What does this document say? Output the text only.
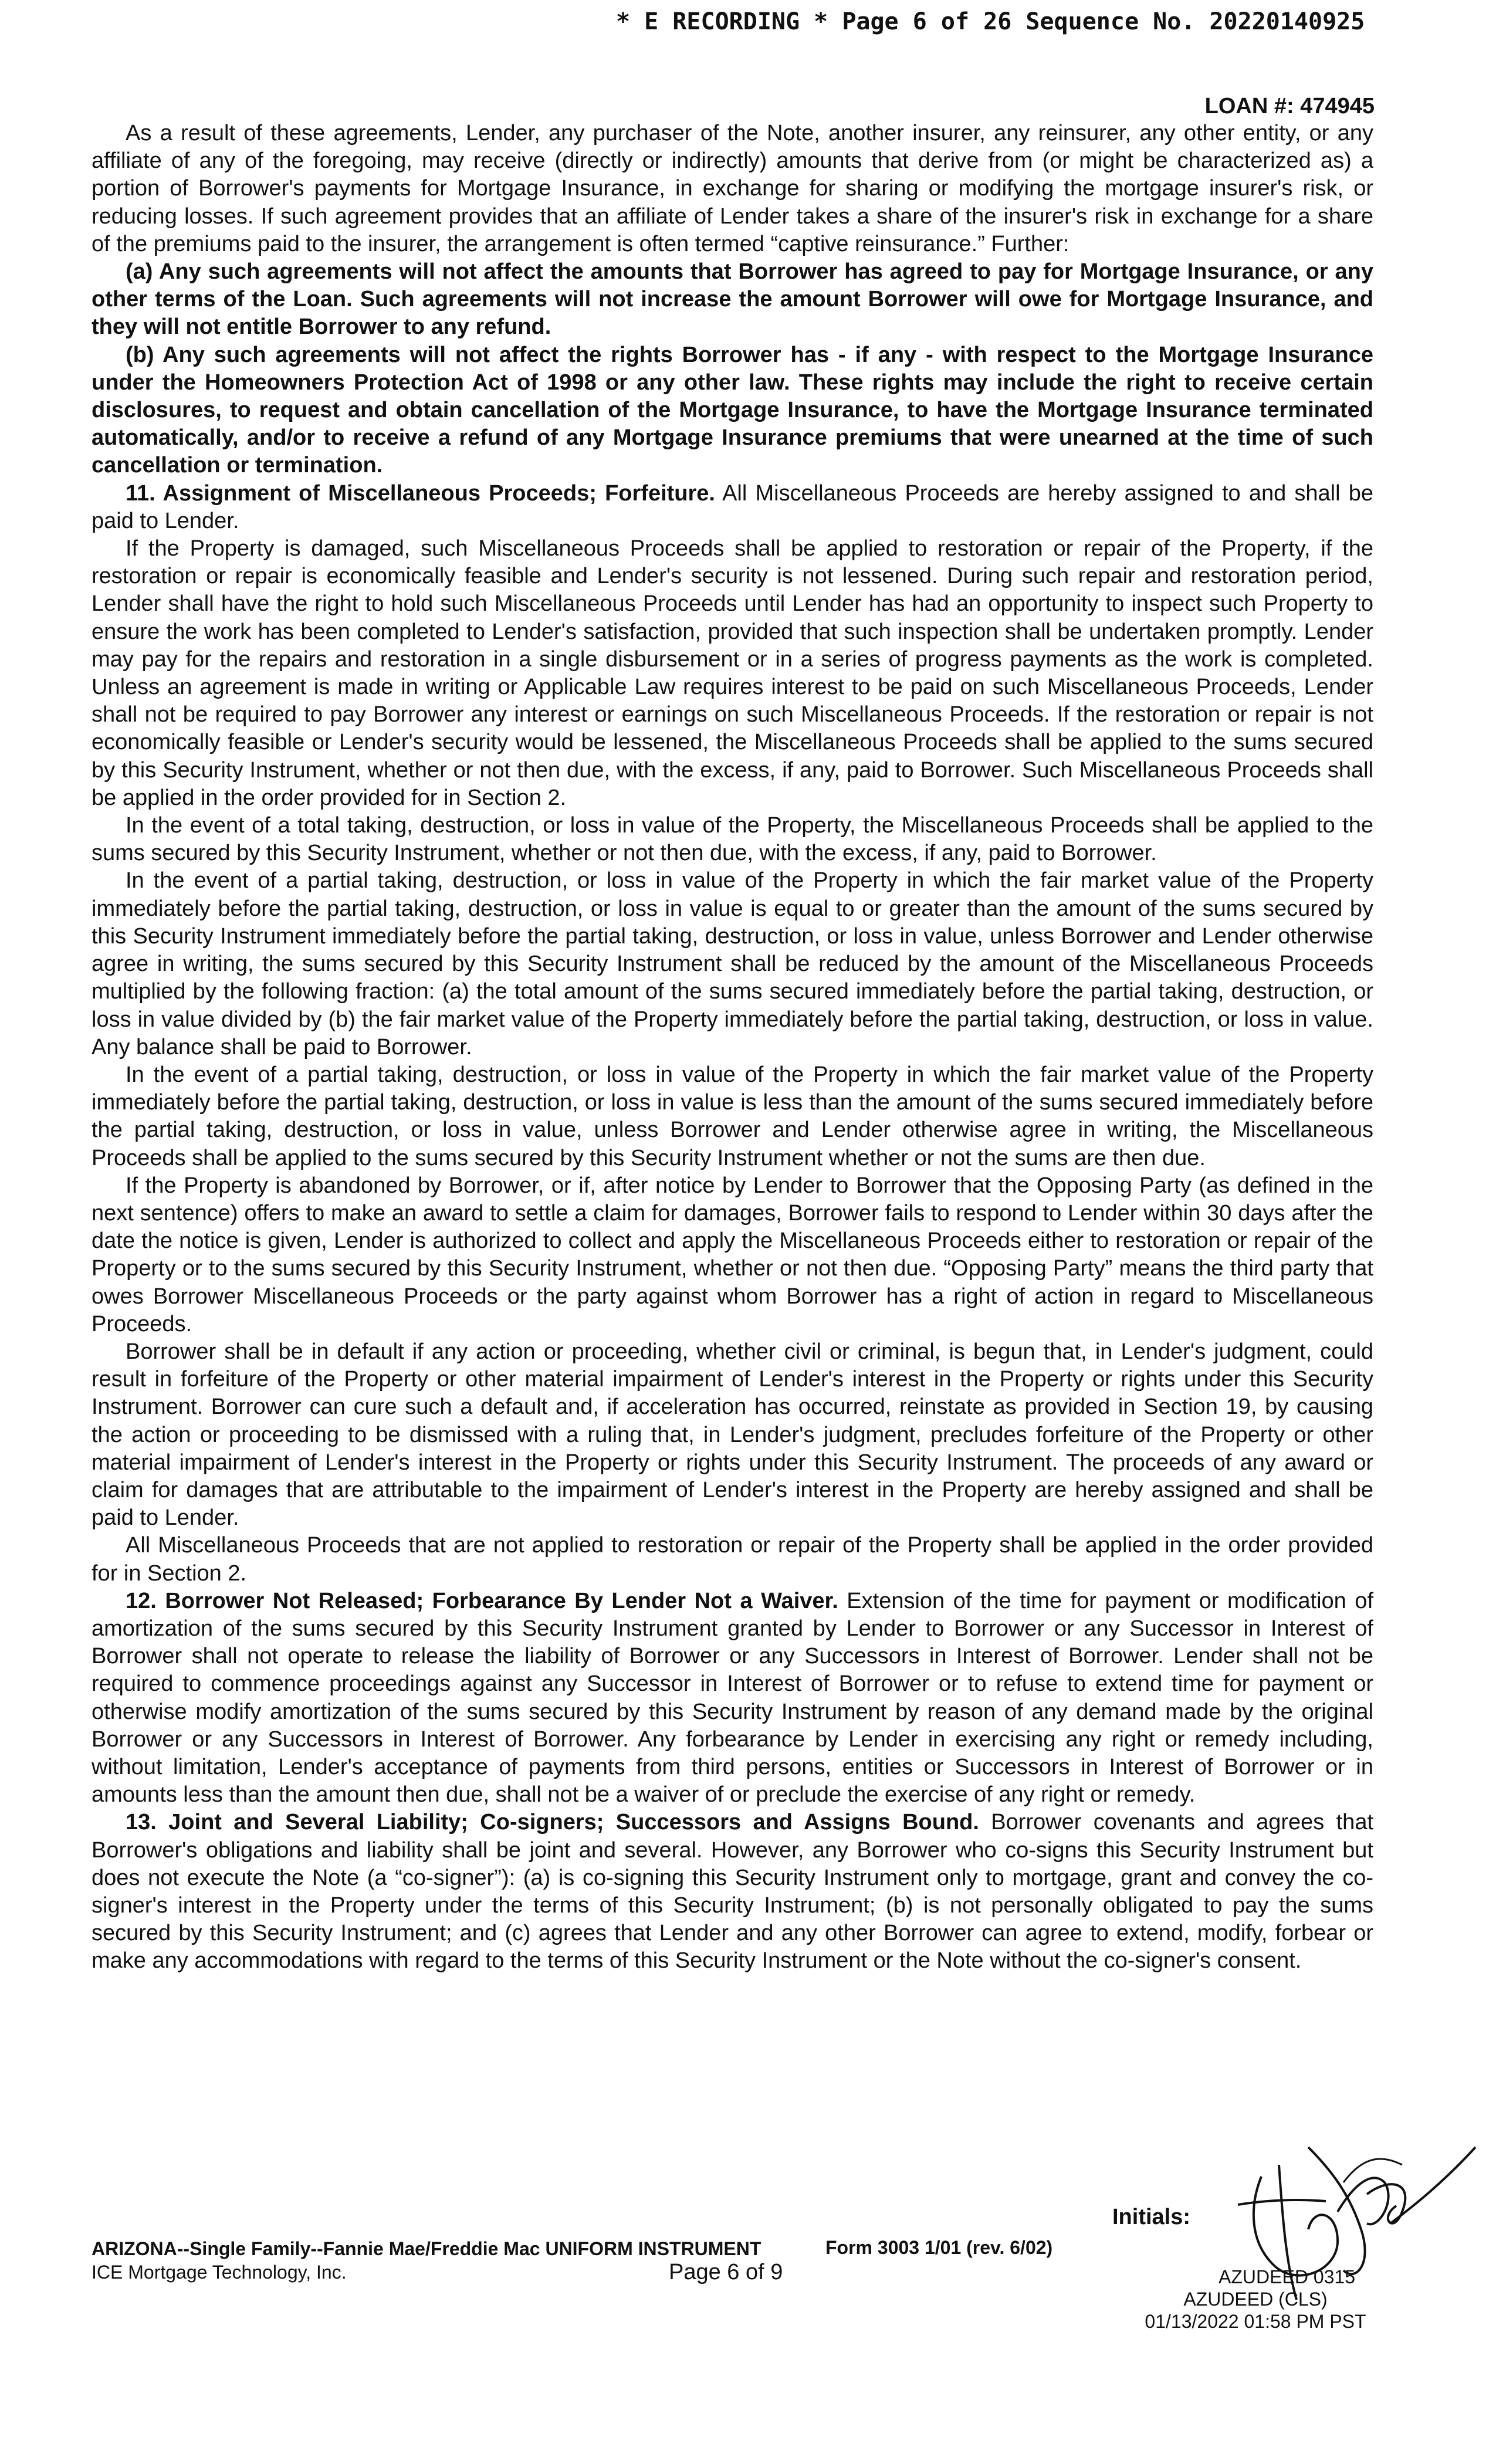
* E RECORDING * Page 6 of 26 Sequence No. 20220140925
LOAN #: 474945

As a result of these agreements, Lender, any purchaser of the Note, another insurer, any reinsurer, any other entity, or any affiliate of any of the foregoing, may receive (directly or indirectly) amounts that derive from (or might be characterized as) a portion of Borrower's payments for Mortgage Insurance, in exchange for sharing or modifying the mortgage insurer's risk, or reducing losses. If such agreement provides that an affiliate of Lender takes a share of the insurer's risk in exchange for a share of the premiums paid to the insurer, the arrangement is often termed “captive reinsurance.” Further:

(a) Any such agreements will not affect the amounts that Borrower has agreed to pay for Mortgage Insurance, or any other terms of the Loan. Such agreements will not increase the amount Borrower will owe for Mortgage Insurance, and they will not entitle Borrower to any refund.

(b) Any such agreements will not affect the rights Borrower has - if any - with respect to the Mortgage Insurance under the Homeowners Protection Act of 1998 or any other law. These rights may include the right to receive certain disclosures, to request and obtain cancellation of the Mortgage Insurance, to have the Mortgage Insurance terminated automatically, and/or to receive a refund of any Mortgage Insurance premiums that were unearned at the time of such cancellation or termination.

11. Assignment of Miscellaneous Proceeds; Forfeiture. All Miscellaneous Proceeds are hereby assigned to and shall be paid to Lender.

If the Property is damaged, such Miscellaneous Proceeds shall be applied to restoration or repair of the Property, if the restoration or repair is economically feasible and Lender's security is not lessened. During such repair and restoration period, Lender shall have the right to hold such Miscellaneous Proceeds until Lender has had an opportunity to inspect such Property to ensure the work has been completed to Lender's satisfaction, provided that such inspection shall be undertaken promptly. Lender may pay for the repairs and restoration in a single disbursement or in a series of progress payments as the work is completed. Unless an agreement is made in writing or Applicable Law requires interest to be paid on such Miscellaneous Proceeds, Lender shall not be required to pay Borrower any interest or earnings on such Miscellaneous Proceeds. If the restoration or repair is not economically feasible or Lender's security would be lessened, the Miscellaneous Proceeds shall be applied to the sums secured by this Security Instrument, whether or not then due, with the excess, if any, paid to Borrower. Such Miscellaneous Proceeds shall be applied in the order provided for in Section 2.

In the event of a total taking, destruction, or loss in value of the Property, the Miscellaneous Proceeds shall be applied to the sums secured by this Security Instrument, whether or not then due, with the excess, if any, paid to Borrower.

In the event of a partial taking, destruction, or loss in value of the Property in which the fair market value of the Property immediately before the partial taking, destruction, or loss in value is equal to or greater than the amount of the sums secured by this Security Instrument immediately before the partial taking, destruction, or loss in value, unless Borrower and Lender otherwise agree in writing, the sums secured by this Security Instrument shall be reduced by the amount of the Miscellaneous Proceeds multiplied by the following fraction: (a) the total amount of the sums secured immediately before the partial taking, destruction, or loss in value divided by (b) the fair market value of the Property immediately before the partial taking, destruction, or loss in value. Any balance shall be paid to Borrower.

In the event of a partial taking, destruction, or loss in value of the Property in which the fair market value of the Property immediately before the partial taking, destruction, or loss in value is less than the amount of the sums secured immediately before the partial taking, destruction, or loss in value, unless Borrower and Lender otherwise agree in writing, the Miscellaneous Proceeds shall be applied to the sums secured by this Security Instrument whether or not the sums are then due.

If the Property is abandoned by Borrower, or if, after notice by Lender to Borrower that the Opposing Party (as defined in the next sentence) offers to make an award to settle a claim for damages, Borrower fails to respond to Lender within 30 days after the date the notice is given, Lender is authorized to collect and apply the Miscellaneous Proceeds either to restoration or repair of the Property or to the sums secured by this Security Instrument, whether or not then due. “Opposing Party” means the third party that owes Borrower Miscellaneous Proceeds or the party against whom Borrower has a right of action in regard to Miscellaneous Proceeds.

Borrower shall be in default if any action or proceeding, whether civil or criminal, is begun that, in Lender's judgment, could result in forfeiture of the Property or other material impairment of Lender's interest in the Property or rights under this Security Instrument. Borrower can cure such a default and, if acceleration has occurred, reinstate as provided in Section 19, by causing the action or proceeding to be dismissed with a ruling that, in Lender's judgment, precludes forfeiture of the Property or other material impairment of Lender's interest in the Property or rights under this Security Instrument. The proceeds of any award or claim for damages that are attributable to the impairment of Lender's interest in the Property are hereby assigned and shall be paid to Lender.

All Miscellaneous Proceeds that are not applied to restoration or repair of the Property shall be applied in the order provided for in Section 2.

12. Borrower Not Released; Forbearance By Lender Not a Waiver. Extension of the time for payment or modification of amortization of the sums secured by this Security Instrument granted by Lender to Borrower or any Successor in Interest of Borrower shall not operate to release the liability of Borrower or any Successors in Interest of Borrower. Lender shall not be required to commence proceedings against any Successor in Interest of Borrower or to refuse to extend time for payment or otherwise modify amortization of the sums secured by this Security Instrument by reason of any demand made by the original Borrower or any Successors in Interest of Borrower. Any forbearance by Lender in exercising any right or remedy including, without limitation, Lender's acceptance of payments from third persons, entities or Successors in Interest of Borrower or in amounts less than the amount then due, shall not be a waiver of or preclude the exercise of any right or remedy.

13. Joint and Several Liability; Co-signers; Successors and Assigns Bound. Borrower covenants and agrees that Borrower's obligations and liability shall be joint and several. However, any Borrower who co-signs this Security Instrument but does not execute the Note (a “co-signer”): (a) is co-signing this Security Instrument only to mortgage, grant and convey the co-signer's interest in the Property under the terms of this Security Instrument; (b) is not personally obligated to pay the sums secured by this Security Instrument; and (c) agrees that Lender and any other Borrower can agree to extend, modify, forbear or make any accommodations with regard to the terms of this Security Instrument or the Note without the co-signer's consent.

ARIZONA--Single Family--Fannie Mae/Freddie Mac UNIFORM INSTRUMENT
ICE Mortgage Technology, Inc.
Form 3003 1/01 (rev. 6/02)
Page 6 of 9
Initials:
AZUDEED 0315
AZUDEED (CLS)
01/13/2022 01:58 PM PST
